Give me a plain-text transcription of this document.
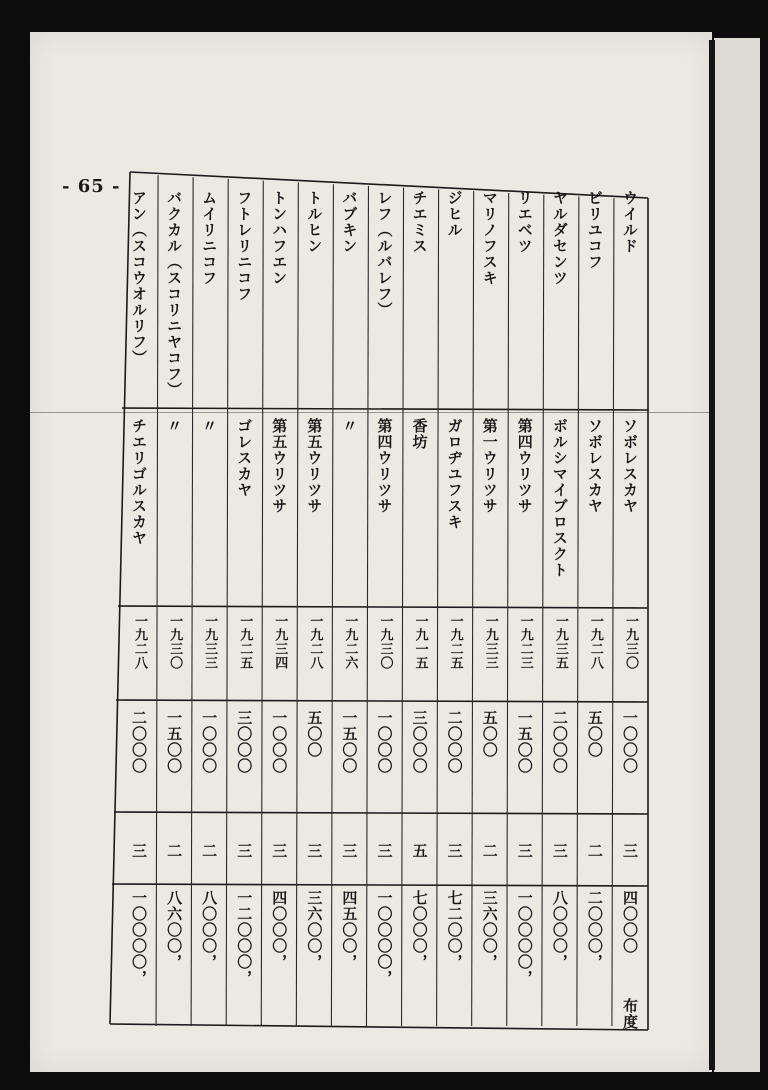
- 65 -
ウイルド
ソボレスカヤ
一九三〇
一〇〇〇
三
四〇〇〇
ビリユコフ
ソボレスカヤ
一九二八
五〇〇
二
二〇〇〇，
ヤルダセンツ
ボルシマイブロスクト
一九三五
二〇〇〇
三
八〇〇〇，
リエベツ
第四ウリツサ
一九二三
一五〇〇
三
一〇〇〇〇，
マリノフスキ
第一ウリツサ
一九三三
五〇〇
二
三六〇〇，
ジヒル
ガロヂユフスキ
一九二五
二〇〇〇
三
七二〇〇，
チエミス
香坊
一九一五
三〇〇〇
五
七〇〇〇，
レフ（ルバレフ）
第四ウリツサ
一九三〇
一〇〇〇
三
一〇〇〇〇，
バブキン
〃
一九二六
一五〇〇
三
四五〇〇，
トルヒン
第五ウリツサ
一九二八
五〇〇
三
三六〇〇，
トンハフエン
第五ウリツサ
一九三四
一〇〇〇
三
四〇〇〇，
フトレリニコフ
ゴレスカヤ
一九二五
三〇〇〇
三
一二〇〇〇，
ムイリニコフ
〃
一九三三
一〇〇〇
二
八〇〇〇，
バクカル（スコリニヤコフ）
〃
一九三〇
一五〇〇
二
八六〇〇，
アン（スコウオルリフ）
チエリゴルスカヤ
一九二八
二〇〇〇
三
一〇〇〇〇，
布度
